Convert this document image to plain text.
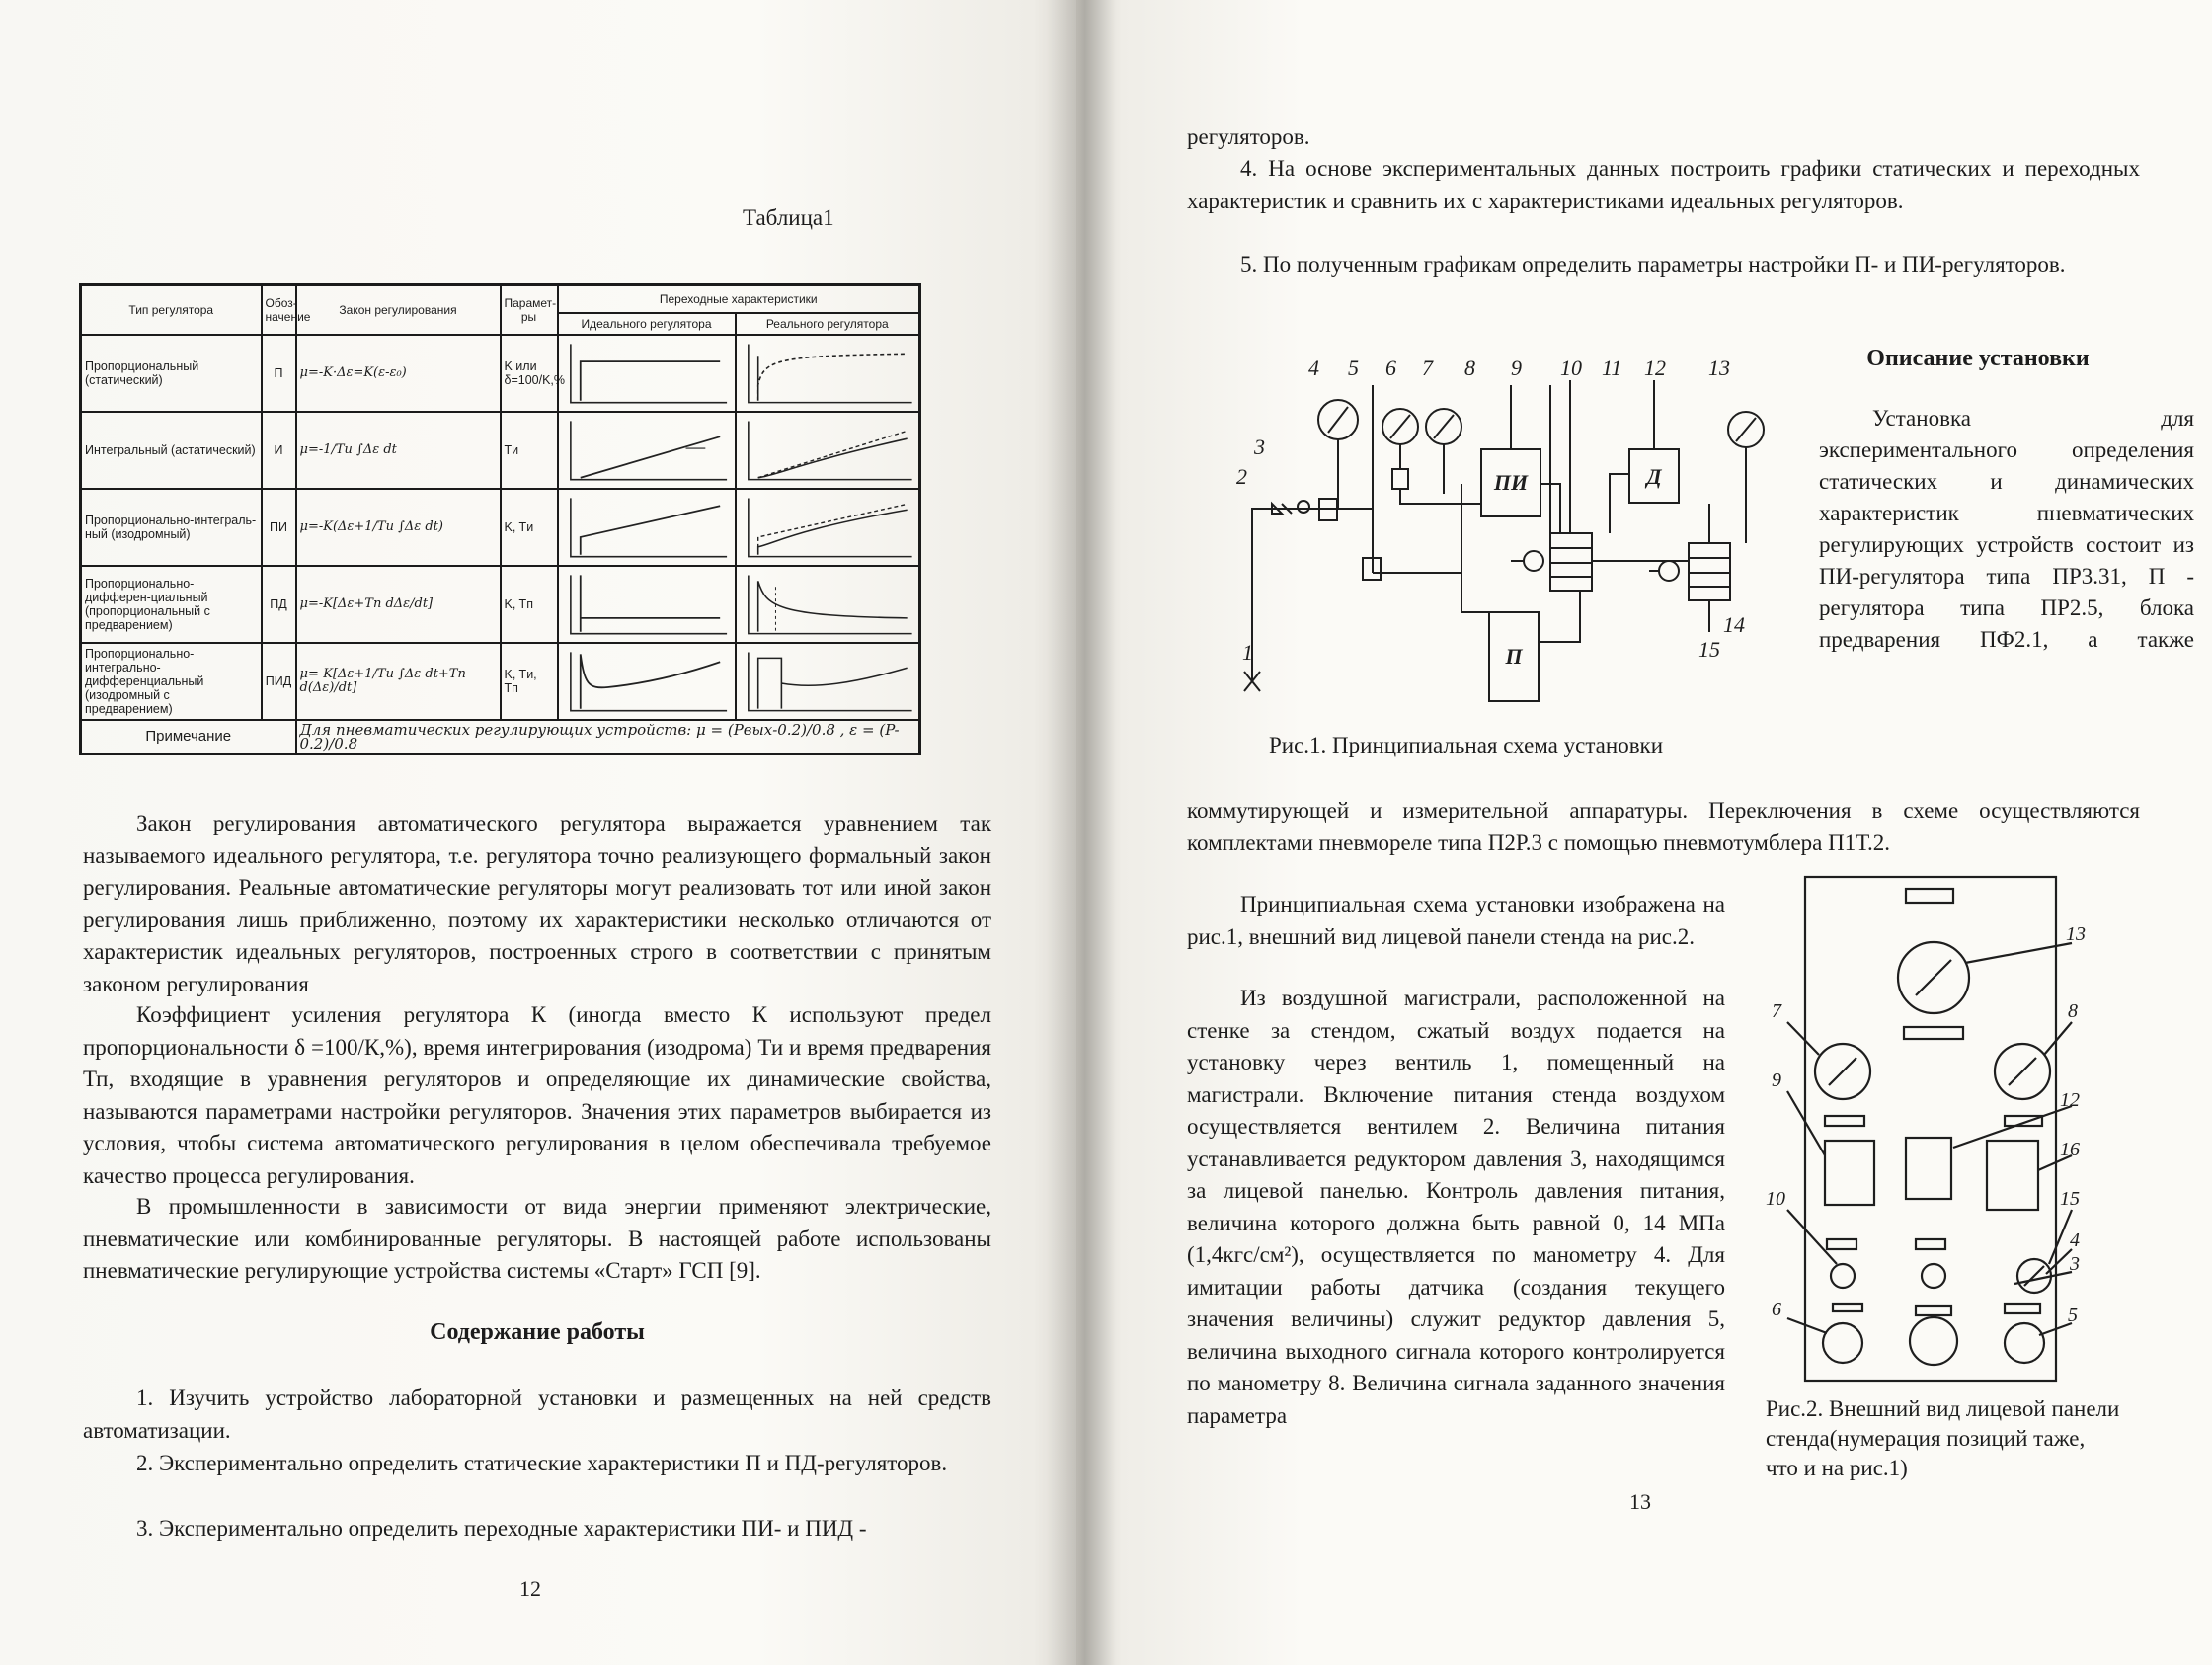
Таблица1
Тип регулятора	Обоз-начение	Закон регулирования	Парамет-ры	Переходные характеристики	
				Идеального регулятора	Реального регулятора
Пропорциональный (статический)	П	μ=-K·Δε=K(ε-ε₀)	K или δ=100/K,%	

Интегральный (астатический)	И	μ=-1/Tи ∫Δε dt	Tи	

Пропорционально-интеграль-ный (изодромный)	ПИ	μ=-K(Δε+1/Tи ∫Δε dt)	K, Tи	

Пропорционально-дифферен-циальный (пропорциональный с предварением)	ПД	μ=-K[Δε+Tп dΔε/dt]	K, Tп	

Пропорционально-интегрально-дифференциальный (изодромный с предварением)	ПИД	μ=-K[Δε+1/Tи ∫Δε dt+Tп d(Δε)/dt]	K, Tи, Tп	

Примечание		Для пневматических регулирующих устройств: μ = (Pвых-0.2)/0.8 , ε = (P-0.2)/0.8			

Закон регулирования автоматического регулятора выражается уравнением так называемого идеального регулятора, т.е. регулятора точно реализующего формальный закон регулирования. Реальные автоматические регуляторы могут реализовать тот или иной закон регулирования лишь приближенно, поэтому их характеристики несколько отличаются от характеристик идеальных регуляторов, построенных строго в соответствии с принятым законом регулирования

Коэффициент усиления регулятора К (иногда вместо К используют предел пропорциональности δ =100/К,%), время интегрирования (изодрома) Ти и время предварения Тп, входящие в уравнения регуляторов и определяющие их динамические свойства, называются параметрами настройки регуляторов. Значения этих параметров выбирается из условия, чтобы система автоматического регулирования в целом обеспечивала требуемое качество процесса регулирования.

В промышленности в зависимости от вида энергии применяют электрические, пневматические или комбинированные регуляторы. В настоящей работе использованы пневматические регулирующие устройства системы «Старт» ГСП [9].

Содержание работы

1. Изучить устройство лабораторной установки и размещенных на ней средств автоматизации.

2. Экспериментально определить статические характеристики П и ПД-регуляторов.

3. Экспериментально определить переходные характеристики ПИ- и ПИД -

12

регуляторов.

4. На основе экспериментальных данных построить графики статических и переходных характеристик и сравнить их с характеристиками идеальных регуляторов.

5. По полученным графикам определить параметры настройки П- и ПИ-регуляторов.

Описание установки

Установка для экспериментального определения статических и динамических характеристик пневматических регулирующих устройств состоит из ПИ-регулятора типа ПР3.31, П - регулятора типа ПР2.5, блока предварения ПФ2.1, а также

коммутирующей и измерительной аппаратуры. Переключения в схеме осуществляются комплектами пневмореле типа П2Р.3 с помощью пневмотумблера П1Т.2.

Рис.1. Принципиальная схема установки

Принципиальная схема установки изображена на рис.1, внешний вид лицевой панели стенда на рис.2.

Из воздушной магистрали, расположенной на стенке за стендом, сжатый воздух подается на установку через вентиль 1, помещенный на магистрали. Включение питания стенда воздухом осуществляется вентилем 2. Величина питания устанавливается редуктором давления 3, находящимся за лицевой панелью. Контроль давления питания, величина которого должна быть равной 0, 14 МПа (1,4кгс/см²), осуществляется по манометру 4. Для имитации работы датчика (создания текущего значения величины) служит редуктор давления 5, величина выходного сигнала которого контролируется по манометру 8. Величина сигнала заданного значения параметра	Рис.2. Внешний вид лицевой панели стенда(нумерация позиций таже, что и на рис.1)
13
1
2
3
4 5 6 7 8 9 10 11 12 13
14
15
ПИ
П
Д
13
7	8
9
12
16
10	15
4
3
6	5
